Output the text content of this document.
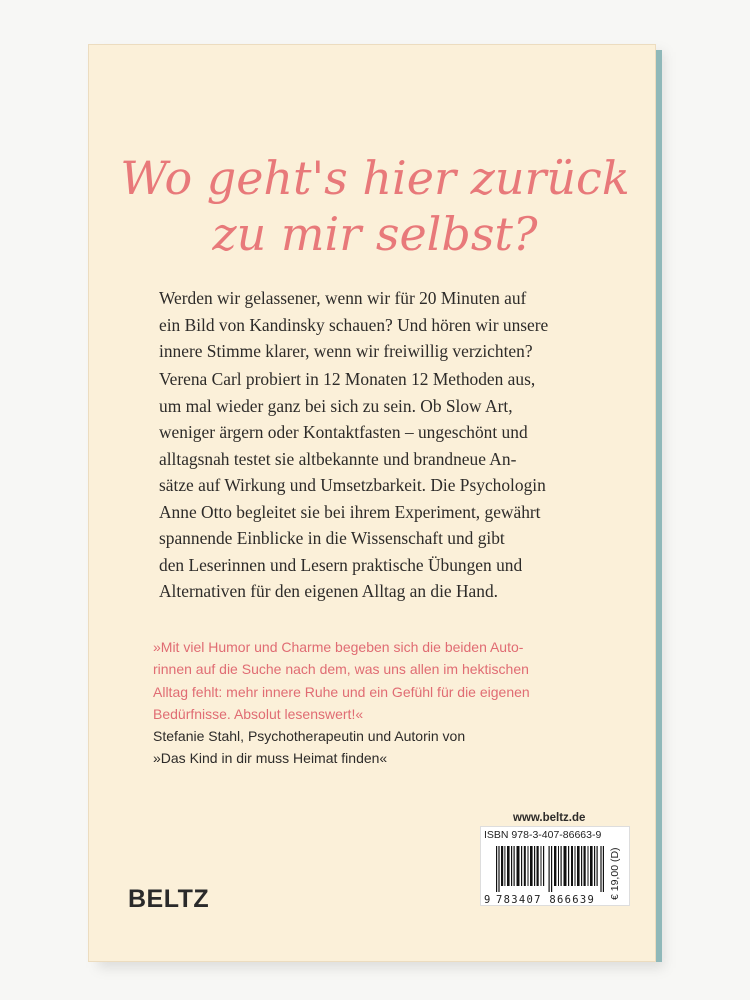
Wo geht's hier zurück
zu mir selbst?
Werden wir gelassener, wenn wir für 20 Minuten auf
ein Bild von Kandinsky schauen? Und hören wir unsere
innere Stimme klarer, wenn wir freiwillig verzichten?
Verena Carl probiert in 12 Monaten 12 Methoden aus,
um mal wieder ganz bei sich zu sein. Ob Slow Art,
weniger ärgern oder Kontaktfasten – ungeschönt und
alltagsnah testet sie altbekannte und brandneue An-
sätze auf Wirkung und Umsetzbarkeit. Die Psychologin
Anne Otto begleitet sie bei ihrem Experiment, gewährt
spannende Einblicke in die Wissenschaft und gibt
den Leserinnen und Lesern praktische Übungen und
Alternativen für den eigenen Alltag an die Hand.
»Mit viel Humor und Charme begeben sich die beiden Auto-
rinnen auf die Suche nach dem, was uns allen im hektischen
Alltag fehlt: mehr innere Ruhe und ein Gefühl für die eigenen
Bedürfnisse. Absolut lesenswert!«
Stefanie Stahl, Psychotherapeutin und Autorin von
»Das Kind in dir muss Heimat finden«
www.beltz.de
BELTZ
ISBN 978-3-407-86663-9
9 783407 866639	€ 19,00 (D)
